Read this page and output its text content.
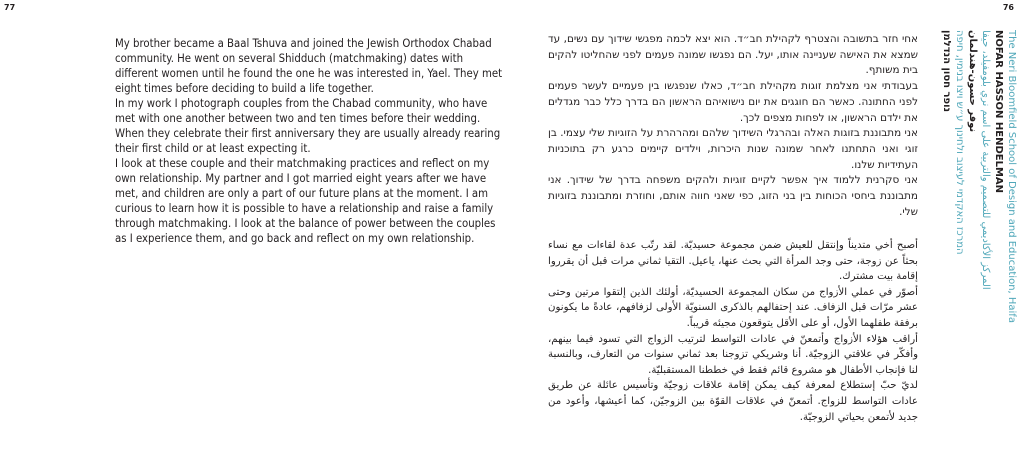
77	76

My brother became a Baal Tshuva and joined the Jewish Orthodox Chabad community. He went on several Shidduch (matchmaking) dates with different women until he found the one he was interested in, Yael. They met eight times before deciding to build a life together.

In my work I photograph couples from the Chabad community, who have met with one another between two and ten times before their wedding. When they celebrate their first anniversary they are usually already rearing their first child or at least expecting it.

I look at these couple and their matchmaking practices and reflect on my own relationship. My partner and I got married eight years after we have met, and children are only a part of our future plans at the moment. I am curious to learn how it is possible to have a relationship and raise a family through matchmaking. I look at the balance of power between the couples as I experience them, and go back and reflect on my own relationship.

אחי חזר בתשובה והצטרף לקהילת חב״ד. הוא יצא לכמה מפגשי שידוך עם נשים, עד שמצא את האישה שעניינה אותו, יעל. הם נפגשו שמונה פעמים לפני שהחליטו להקים בית משותף.

בעבודתי אני מצלמת זוגות מקהילת חב״ד, כאלו שנפגשו בין פעמיים לעשר פעמים לפני החתונה. כאשר הם חוגגים את יום נישואיהם הראשון הם בדרך כלל כבר מגדלים את ילדם הראשון, או לפחות מצפים לכך.

אני מתבוננת בזוגות האלה ובהרגלי השידוך שלהם ומהרהרת על הזוגיות שלי עצמי. בן זוגי ואני התחתנו לאחר שמונה שנות היכרות, וילדים קיימים כרגע רק בתוכניות העתידיות שלנו.

אני סקרנית ללמוד איך אפשר לקיים זוגיות ולהקים משפחה בדרך של שידוך. אני מתבוננת ביחסי הכוחות בין בני הזוג, כפי שאני חווה אותם, וחוזרת ומתבוננת בזוגיות שלי.

أصبح أخي متديناً وإنتقل للعيش ضمن مجموعة حسيديّة. لقد رتّب عدة لقاءات مع نساء بحثاً عن زوجة، حتى وجد المرأة التي بحث عنها، ياعيل. التقيا ثماني مرات قبل أن يقرروا إقامة بيت مشترك.

أصوّر في عملي الأزواج من سكان المجموعة الحسيديّة، أولئك الذين إلتقوا مرتين وحتى عشر مرّات قبل الزفاف. عند إحتفالهم بالذكرى السنويّة الأولى لزفافهم، عادةً ما يكونون برفقة طفلهما الأول، أو على الأقل يتوقعون مجيئه قريباً.

أراقب هؤلاء الأزواج وأتمعنّ في عادات التواسط لترتيب الزواج التي تسود فيما بينهم، وأفكّر في علاقتي الزوجيّة. أنا وشريكي تزوجنا بعد ثماني سنوات من التعارف، وبالنسبة لنا فإنجاب الأطفال هو مشروع قائم فقط في خططنا المستقبليّة.

لديّ حبّ إستطلاع لمعرفة كيف يمكن إقامة علاقات زوجيّة وتأسيس عائلة عن طريق عادات التواسط للزواج. أتمعنّ في علاقات القوّة بين الزوجيّن، كما أعيشها، وأعود من جديد لأتمعن بحياتي الزوجيّة.

נופר חסון הנדלמן המרכז האקדמי לעיצוב ולחינוך ע״ש ויצו בנימין, חיפה نوفر حسون-هندلمان المركز الأكاديمي للتصميم والتربية على اسم نري بلومفيلد، حيفا NOFAR HASSON HENDELMAN The Neri Bloomfield School of Design and Education, Haifa
